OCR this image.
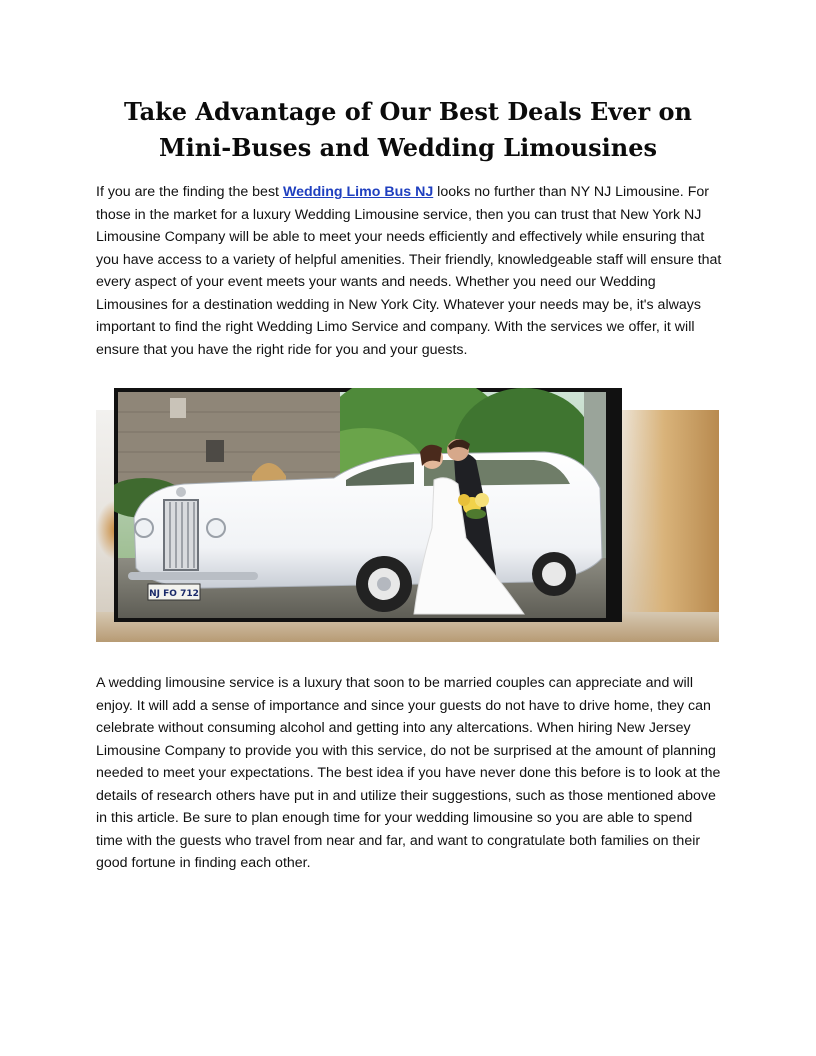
Take Advantage of Our Best Deals Ever on Mini-Buses and Wedding Limousines

If you are the finding the best Wedding Limo Bus NJ looks no further than NY NJ Limousine. For those in the market for a luxury Wedding Limousine service, then you can trust that New York NJ Limousine Company will be able to meet your needs efficiently and effectively while ensuring that you have access to a variety of helpful amenities. Their friendly, knowledgeable staff will ensure that every aspect of your event meets your wants and needs. Whether you need our Wedding Limousines for a destination wedding in New York City. Whatever your needs may be, it's always important to find the right Wedding Limo Service and company. With the services we offer, it will ensure that you have the right ride for you and your guests.

NJ FO 712

A wedding limousine service is a luxury that soon to be married couples can appreciate and will enjoy. It will add a sense of importance and since your guests do not have to drive home, they can celebrate without consuming alcohol and getting into any altercations. When hiring New Jersey Limousine Company to provide you with this service, do not be surprised at the amount of planning needed to meet your expectations. The best idea if you have never done this before is to look at the details of research others have put in and utilize their suggestions, such as those mentioned above in this article. Be sure to plan enough time for your wedding limousine so you are able to spend time with the guests who travel from near and far, and want to congratulate both families on their good fortune in finding each other.
